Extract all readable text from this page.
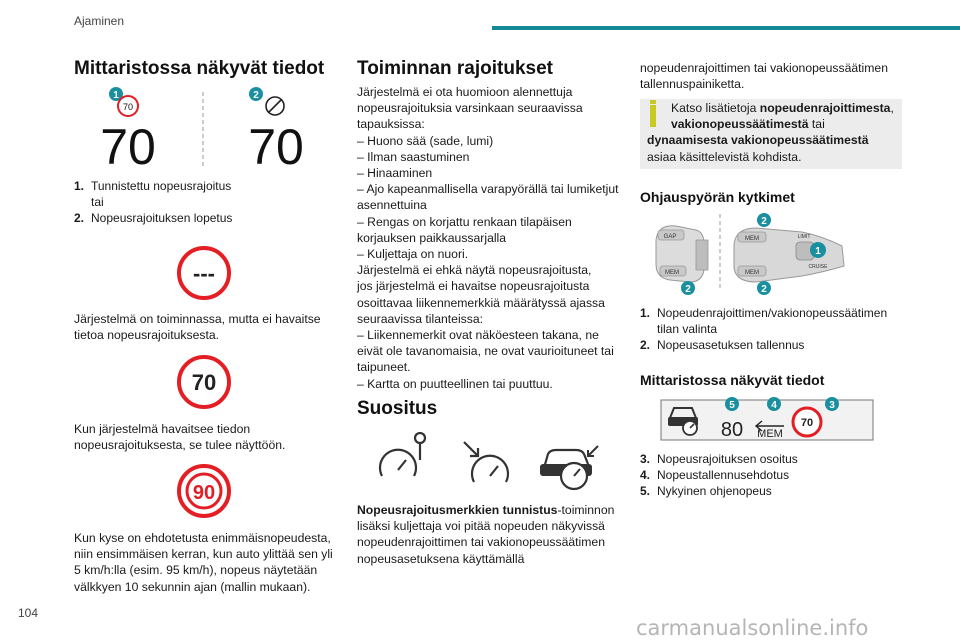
Ajaminen
Mittaristossa näkyvät tiedot
1
70
70
2
70
1. Tunnistettu nopeusrajoitus
tai
2. Nopeusrajoituksen lopetus
---
Järjestelmä on toiminnassa, mutta ei havaitse
tietoa nopeusrajoituksesta.
70
Kun järjestelmä havaitsee tiedon
nopeusrajoituksesta, se tulee näyttöön.
90
Kun kyse on ehdotetusta enimmäisnopeudesta,
niin ensimmäisen kerran, kun auto ylittää sen yli
5 km/h:lla (esim. 95 km/h), nopeus näytetään
välkkyen 10 sekunnin ajan (mallin mukaan).
Toiminnan rajoitukset
Järjestelmä ei ota huomioon alennettuja
nopeusrajoituksia varsinkaan seuraavissa
tapauksissa:
– Huono sää (sade, lumi)
– Ilman saastuminen
– Hinaaminen
– Ajo kapeanmallisella varapyörällä tai lumiketjut
asennettuina
– Rengas on korjattu renkaan tilapäisen
korjauksen paikkaussarjalla
– Kuljettaja on nuori.
Järjestelmä ei ehkä näytä nopeusrajoitusta,
jos järjestelmä ei havaitse nopeusrajoitusta
osoittavaa liikennemerkkiä määrätyssä ajassa
seuraavissa tilanteissa:
– Liikennemerkit ovat näköesteen takana, ne
eivät ole tavanomaisia, ne ovat vaurioituneet tai
taipuneet.
– Kartta on puutteellinen tai puuttuu.
Suositus
Nopeusrajoitusmerkkien tunnistus-toiminnon
lisäksi kuljettaja voi pitää nopeuden näkyvissä
nopeudenrajoittimen tai vakionopeussäätimen
nopeusasetuksena käyttämällä
nopeudenrajoittimen tai vakionopeussäätimen
tallennuspainiketta.
Katso lisätietoja nopeudenrajoittimesta,
vakionopeussäätimestä tai
dynaamisesta vakionopeussäätimestä
asiaa käsittelevistä kohdista.
Ohjauspyörän kytkimet
GAP
MEM
2
MEM
MEM
LIMIT
CRUISE
2
1
2
1. Nopeudenrajoittimen/vakionopeussäätimen
tilan valinta
2. Nopeusasetuksen tallennus
Mittaristossa näkyvät tiedot
80 MEM
70
5	4	3
3. Nopeusrajoituksen osoitus
4. Nopeustallennusehdotus
5. Nykyinen ohjenopeus
104
carmanualsonline.info
